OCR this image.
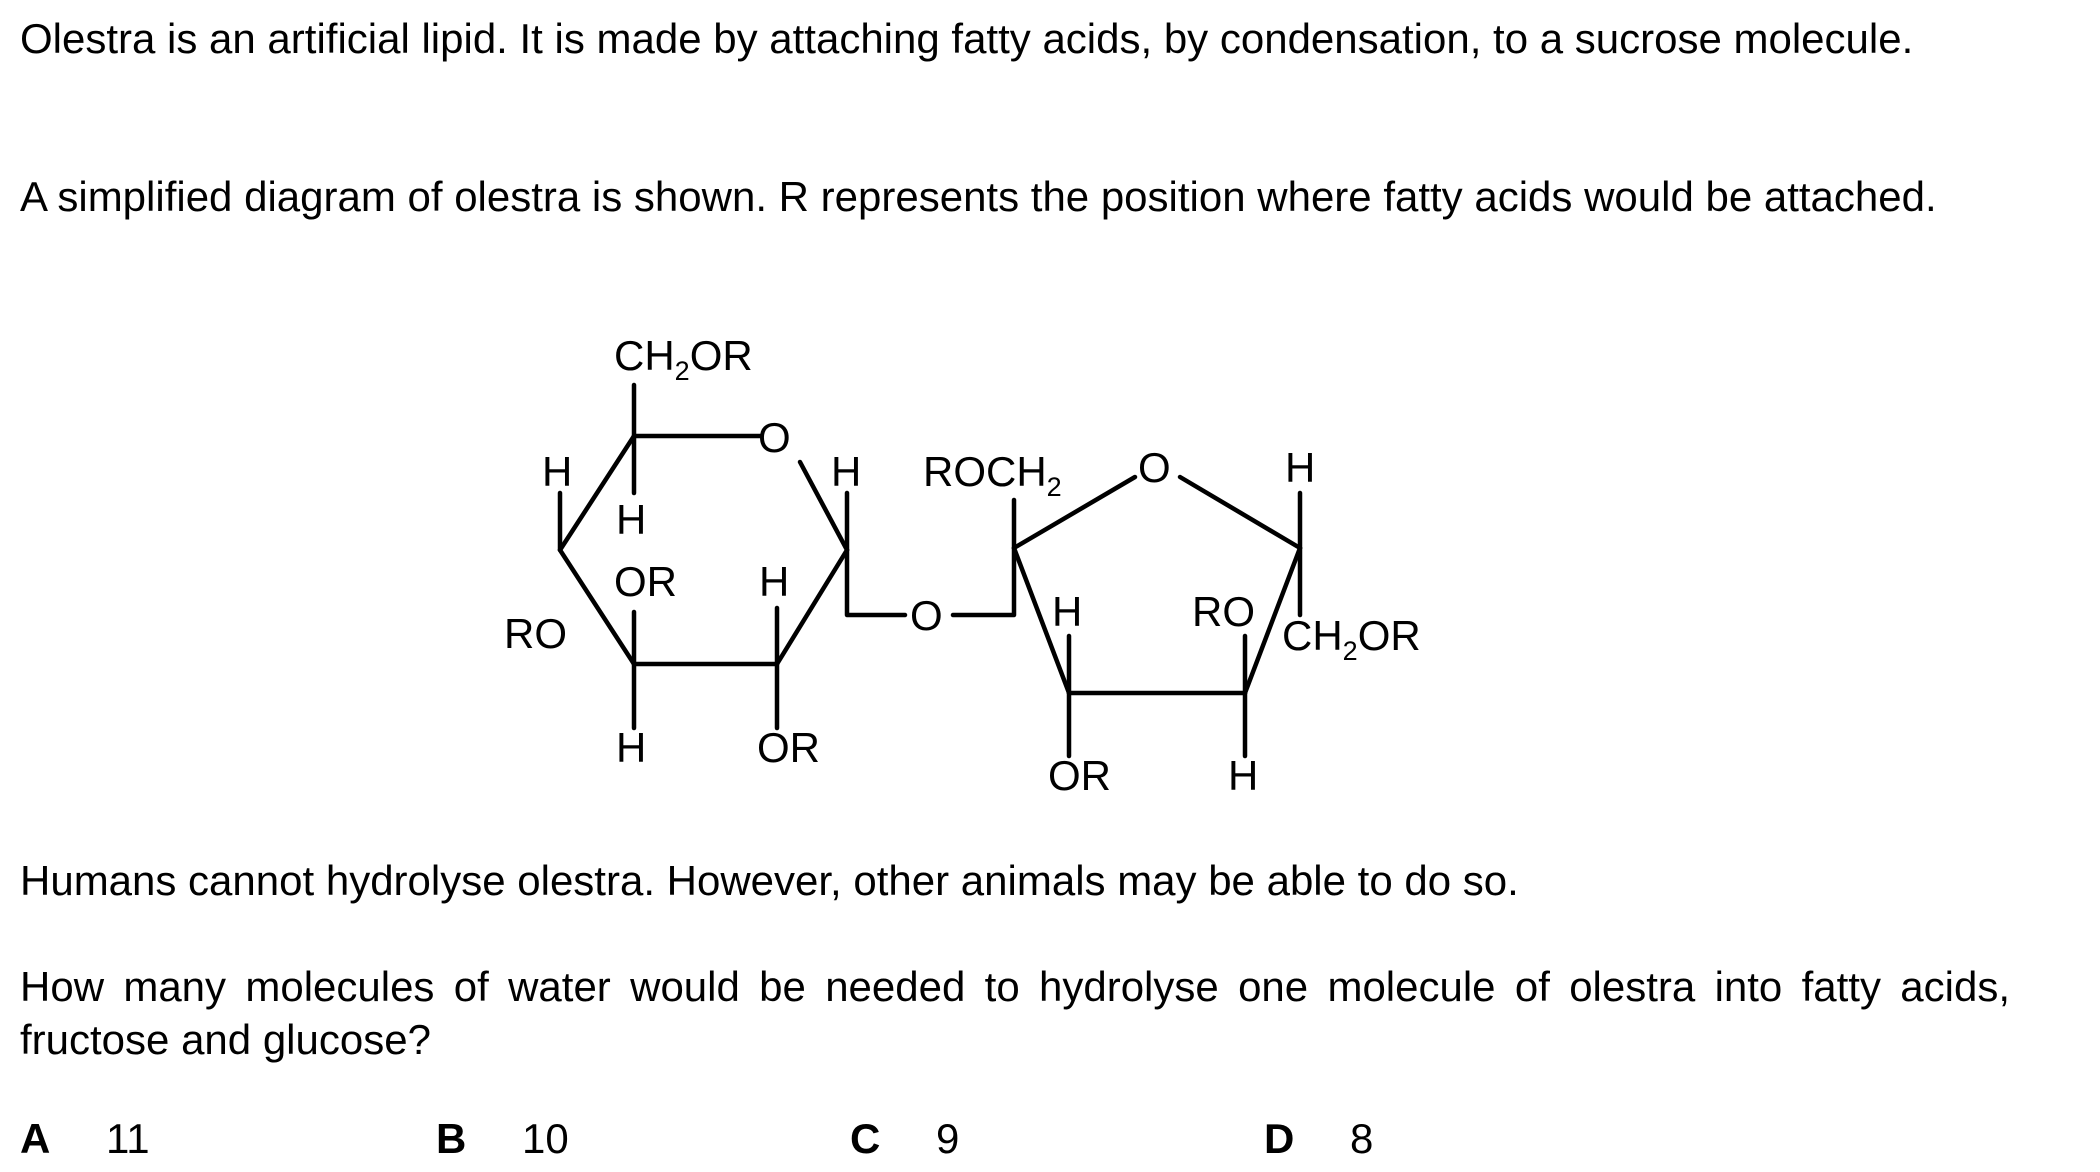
Olestra is an artificial lipid. It is made by attaching fatty acids, by condensation, to a sucrose molecule.

A simplified diagram of olestra is shown. R represents the position where fatty acids would be attached.

$CH_2OR$
O
H
H
H
OR H
RO
H	OR
O
$ROCH_2$ O	H
H	RO
$CH_2OR$
OR	H

Humans cannot hydrolyse olestra. However, other animals may be able to do so.

How many molecules of water would be needed to hydrolyse one molecule of olestra into fatty acids, fructose and glucose?

A 11	B 10	C 9	D 8
